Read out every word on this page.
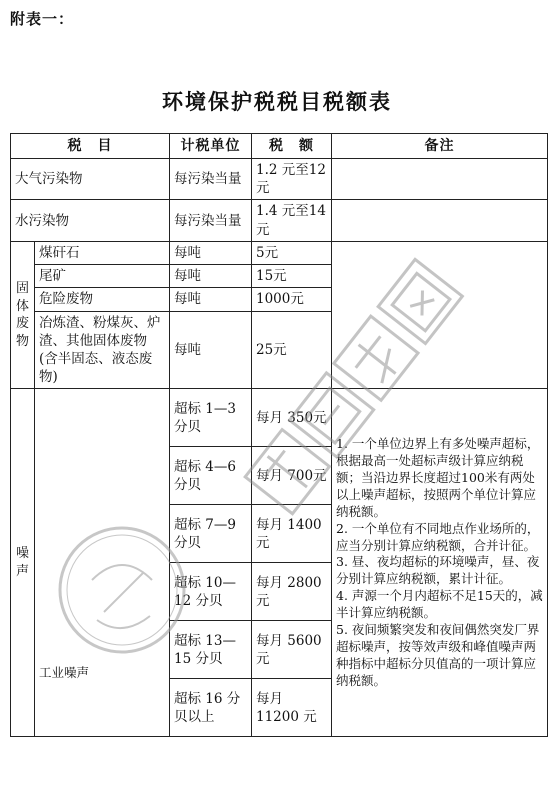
附表一：
环境保护税税目税额表
税　目		计税单位	税　额	备注
大气污染物		每污染当量	1.2 元至12元	
水污染物		每污染当量	1.4 元至14元	
固体废物	煤矸石	每吨	5元	
	尾矿	每吨	15元	
	危险废物	每吨	1000元	
	冶炼渣、粉煤灰、炉渣、其他固体废物(含半固态、液态废物)	每吨	25元	
噪声	工业噪声	超标 1—3 分贝	每月 350元	1. 一个单位边界上有多处噪声超标，根据最高一处超标声级计算应纳税额；当沿边界长度超过100米有两处以上噪声超标，按照两个单位计算应纳税额。
2. 一个单位有不同地点作业场所的，应当分别计算应纳税额，合并计征。
3. 昼、夜均超标的环境噪声，昼、夜分别计算应纳税额，累计计征。
4. 声源一个月内超标不足15天的，减半计算应纳税额。
5. 夜间频繁突发和夜间偶然突发厂界超标噪声，按等效声级和峰值噪声两种指标中超标分贝值高的一项计算应纳税额。

		超标 4—6 分贝	每月 700元	
		超标 7—9 分贝	每月 1400 元	
		超标 10—12 分贝	每月 2800 元	
		超标 13—15 分贝	每月 5600 元	
		超标 16 分贝以上	每月 11200 元	
